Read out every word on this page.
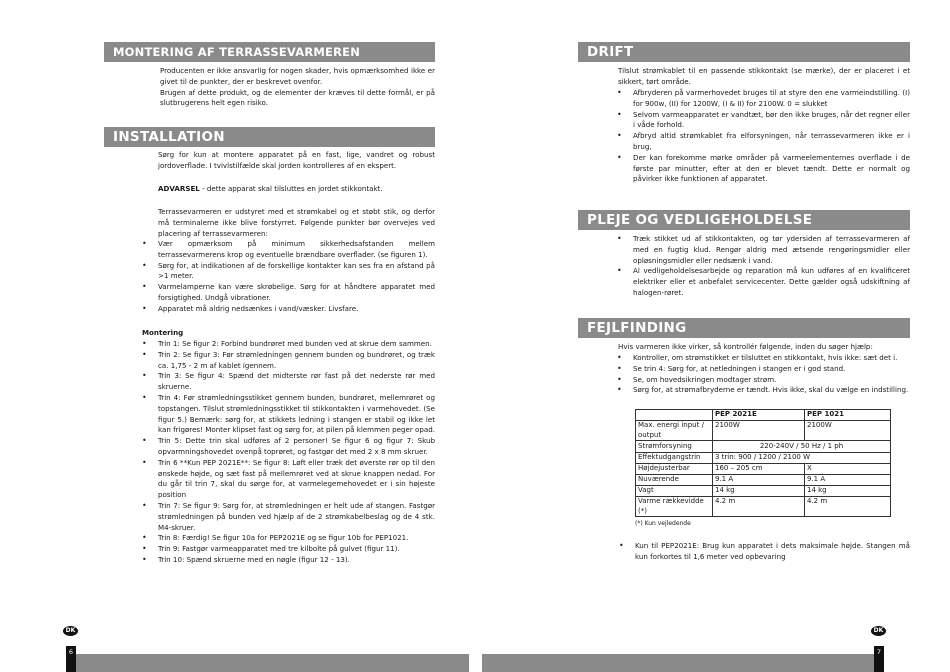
MONTERING AF TERRASSEVARMEREN

Producenten er ikke ansvarlig for nogen skader, hvis opmærksomhed ikke er givet til de punkter, der er beskrevet ovenfor.

Brugen af dette produkt, og de elementer der kræves til dette formål, er på slutbrugerens helt egen risiko.

INSTALLATION

Sørg for kun at montere apparatet på en fast, lige, vandret og robust jordoverflade. I tvivlstilfælde skal jorden kontrolleres af en ekspert.

ADVARSEL - dette apparat skal tilsluttes en jordet stikkontakt.

Terrassevarmeren er udstyret med et strømkabel og et støbt stik, og derfor må terminalerne ikke blive forstyrret. Følgende punkter bør overvejes ved placering af terrassevarmeren:

• Vær opmærksom på minimum sikkerhedsafstanden mellem terrassevarmerens krop og eventuelle brændbare overflader. (se figuren 1).

• Sørg for, at indikationen af de forskellige kontakter kan ses fra en afstand på >1 meter.

• Varmelamperne kan være skrøbelige. Sørg for at håndtere apparatet med forsigtighed. Undgå vibrationer.

• Apparatet må aldrig nedsænkes i vand/væsker. Livsfare.

Montering

• Trin 1: Se figur 2: Forbind bundrøret med bunden ved at skrue dem sammen.

• Trin 2: Se figur 3: Før strømledningen gennem bunden og bundrøret, og træk ca. 1,75 - 2 m af kablet igennem.

• Trin 3: Se figur 4: Spænd det midterste rør fast på det nederste rør med skruerne.

• Trin 4: Før strømledningsstikket gennem bunden, bundrøret, mellemrøret og topstangen. Tilslut strømledningsstikket til stikkontakten i varmehovedet. (Se figur 5.) Bemærk: sørg for, at stikkets ledning i stangen er stabil og ikke let kan frigøres! Monter klipset fast og sørg for, at pilen på klemmen peger opad.

• Trin 5: Dette trin skal udføres af 2 personer! Se figur 6 og figur 7: Skub opvarmningshovedet ovenpå toprøret, og fastgør det med 2 x 8 mm skruer.

• Trin 6 **Kun PEP 2021E**: Se figur 8: Løft eller træk det øverste rør op til den ønskede højde, og sæt fast på mellemrøret ved at skrue knappen nedad. For du går til trin 7, skal du sørge for, at varmelegemehovedet er i sin højeste position

• Trin 7: Se figur 9: Sørg for, at strømledningen er helt ude af stangen. Fastgør strømledningen på bunden ved hjælp af de 2 strømkabelbeslag og de 4 stk. M4-skruer.

• Trin 8: Færdig! Se figur 10a for PEP2021E og se figur 10b for PEP1021.

• Trin 9: Fastgør varmeapparatet med tre kilbolte på gulvet (figur 11).

• Trin 10: Spænd skruerne med en nøgle (figur 12 - 13).

DRIFT

Tilslut strømkablet til en passende stikkontakt (se mærke), der er placeret i et sikkert, tørt område.

• Afbryderen på varmerhovedet bruges til at styre den ene varmeindstilling. (I) for 900w, (II) for 1200W, (I & II) for 2100W. 0 = slukket

• Selvom varmeapparatet er vandtæt, bør den ikke bruges, når det regner eller i våde forhold.

• Afbryd altid strømkablet fra elforsyningen, når terrassevarmeren ikke er i brug,

• Der kan forekomme mørke områder på varmeelementernes overflade i de første par minutter, efter at den er blevet tændt. Dette er normalt og påvirker ikke funktionen af apparatet.

PLEJE OG VEDLIGEHOLDELSE

• Træk stikket ud af stikkontakten, og tør ydersiden af terrassevarmeren af med en fugtig klud. Rengør aldrig med ætsende rengøringsmidler eller opløsningsmidler eller nedsænk i vand.

• Al vedligeholdelsesarbejde og reparation må kun udføres af en kvalificeret elektriker eller et anbefalet servicecenter. Dette gælder også udskiftning af halogen-røret.

FEJLFINDING

Hvis varmeren ikke virker, så kontrollér følgende, inden du søger hjælp:

• Kontroller, om strømstikket er tilsluttet en stikkontakt, hvis ikke: sæt det i.

• Se trin 4: Sørg for, at netledningen i stangen er i god stand.

• Se, om hovedsikringen modtager strøm.

• Sørg for, at strømafbryderne er tændt. Hvis ikke, skal du vælge en indstilling.

	PEP 2021E	PEP 1021
Max. energi input / output	2100W	2100W
Strømforsyning	220-240V / 50 Hz / 1 ph	
Effektudgangstrin	3 trin: 900 / 1200 / 2100 W	
Højdejusterbar	160 – 205 cm	X
Nuværende	9.1 A	9.1 A
Vagt	14 kg	14 kg
Varme rækkevidde (*)	4.2 m	4.2 m
(*) Kun vejledende

• Kun til PEP2021E: Brug kun apparatet i dets maksimale højde. Stangen må kun forkortes til 1,6 meter ved opbevaring

DK	DK
6	7
